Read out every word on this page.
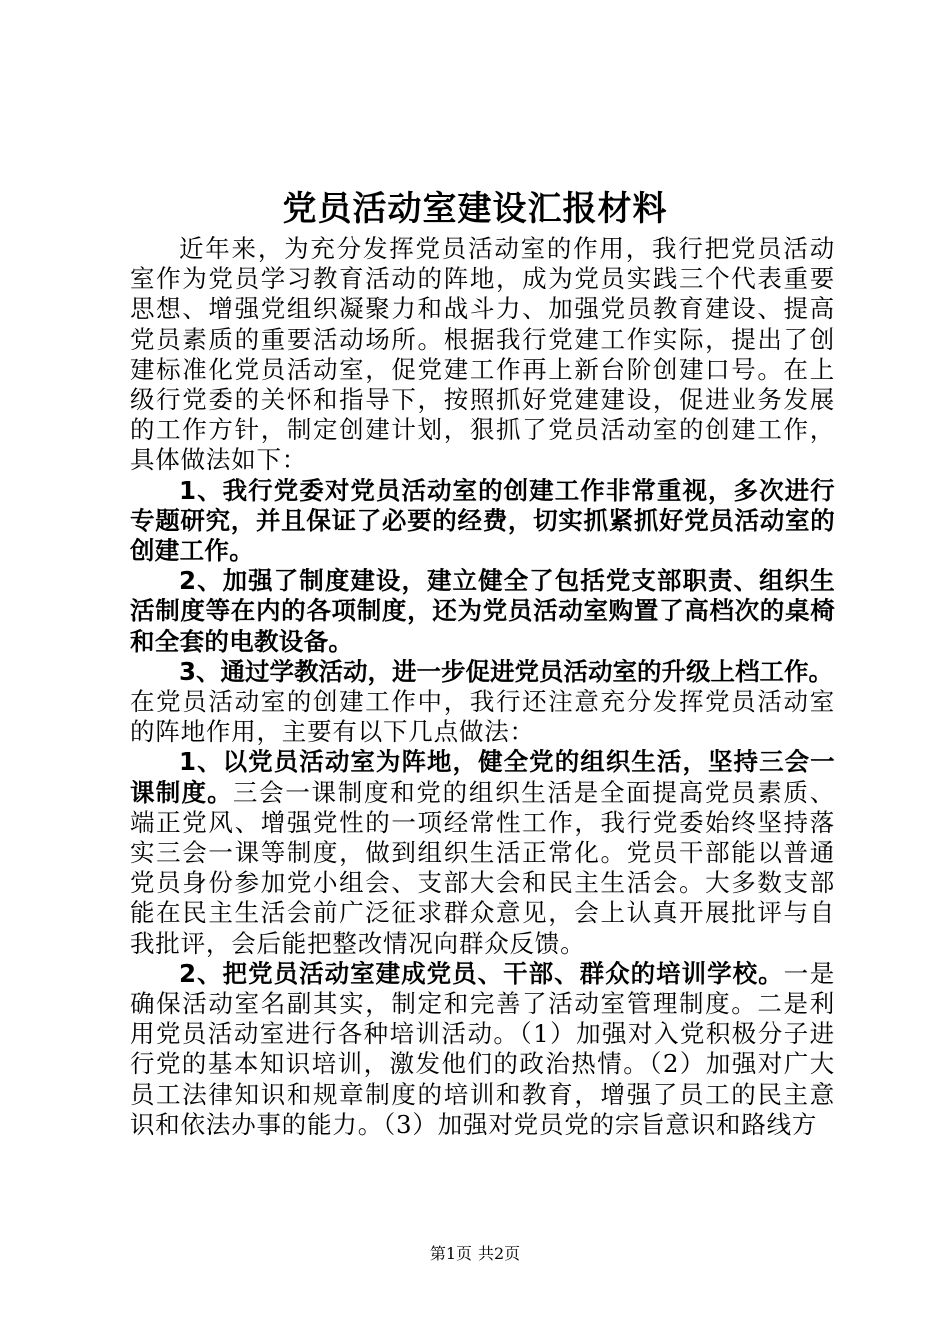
党员活动室建设汇报材料

近年来，为充分发挥党员活动室的作用，我行把党员活动室作为党员学习教育活动的阵地，成为党员实践三个代表重要思想、增强党组织凝聚力和战斗力、加强党员教育建设、提高党员素质的重要活动场所。根据我行党建工作实际，提出了创建标准化党员活动室，促党建工作再上新台阶创建口号。在上级行党委的关怀和指导下，按照抓好党建建设，促进业务发展的工作方针，制定创建计划，狠抓了党员活动室的创建工作，具体做法如下：

1、我行党委对党员活动室的创建工作非常重视，多次进行专题研究，并且保证了必要的经费，切实抓紧抓好党员活动室的创建工作。

2、加强了制度建设，建立健全了包括党支部职责、组织生活制度等在内的各项制度，还为党员活动室购置了高档次的桌椅和全套的电教设备。

3、通过学教活动，进一步促进党员活动室的升级上档工作。

在党员活动室的创建工作中，我行还注意充分发挥党员活动室的阵地作用，主要有以下几点做法：

1、以党员活动室为阵地，健全党的组织生活，坚持三会一课制度。三会一课制度和党的组织生活是全面提高党员素质、端正党风、增强党性的一项经常性工作，我行党委始终坚持落实三会一课等制度，做到组织生活正常化。党员干部能以普通党员身份参加党小组会、支部大会和民主生活会。大多数支部能在民主生活会前广泛征求群众意见，会上认真开展批评与自我批评，会后能把整改情况向群众反馈。

2、把党员活动室建成党员、干部、群众的培训学校。一是确保活动室名副其实，制定和完善了活动室管理制度。二是利用党员活动室进行各种培训活动。（1）加强对入党积极分子进行党的基本知识培训，激发他们的政治热情。（2）加强对广大员工法律知识和规章制度的培训和教育，增强了员工的民主意识和依法办事的能力。（3）加强对党员党的宗旨意识和路线方

第1页 共2页
